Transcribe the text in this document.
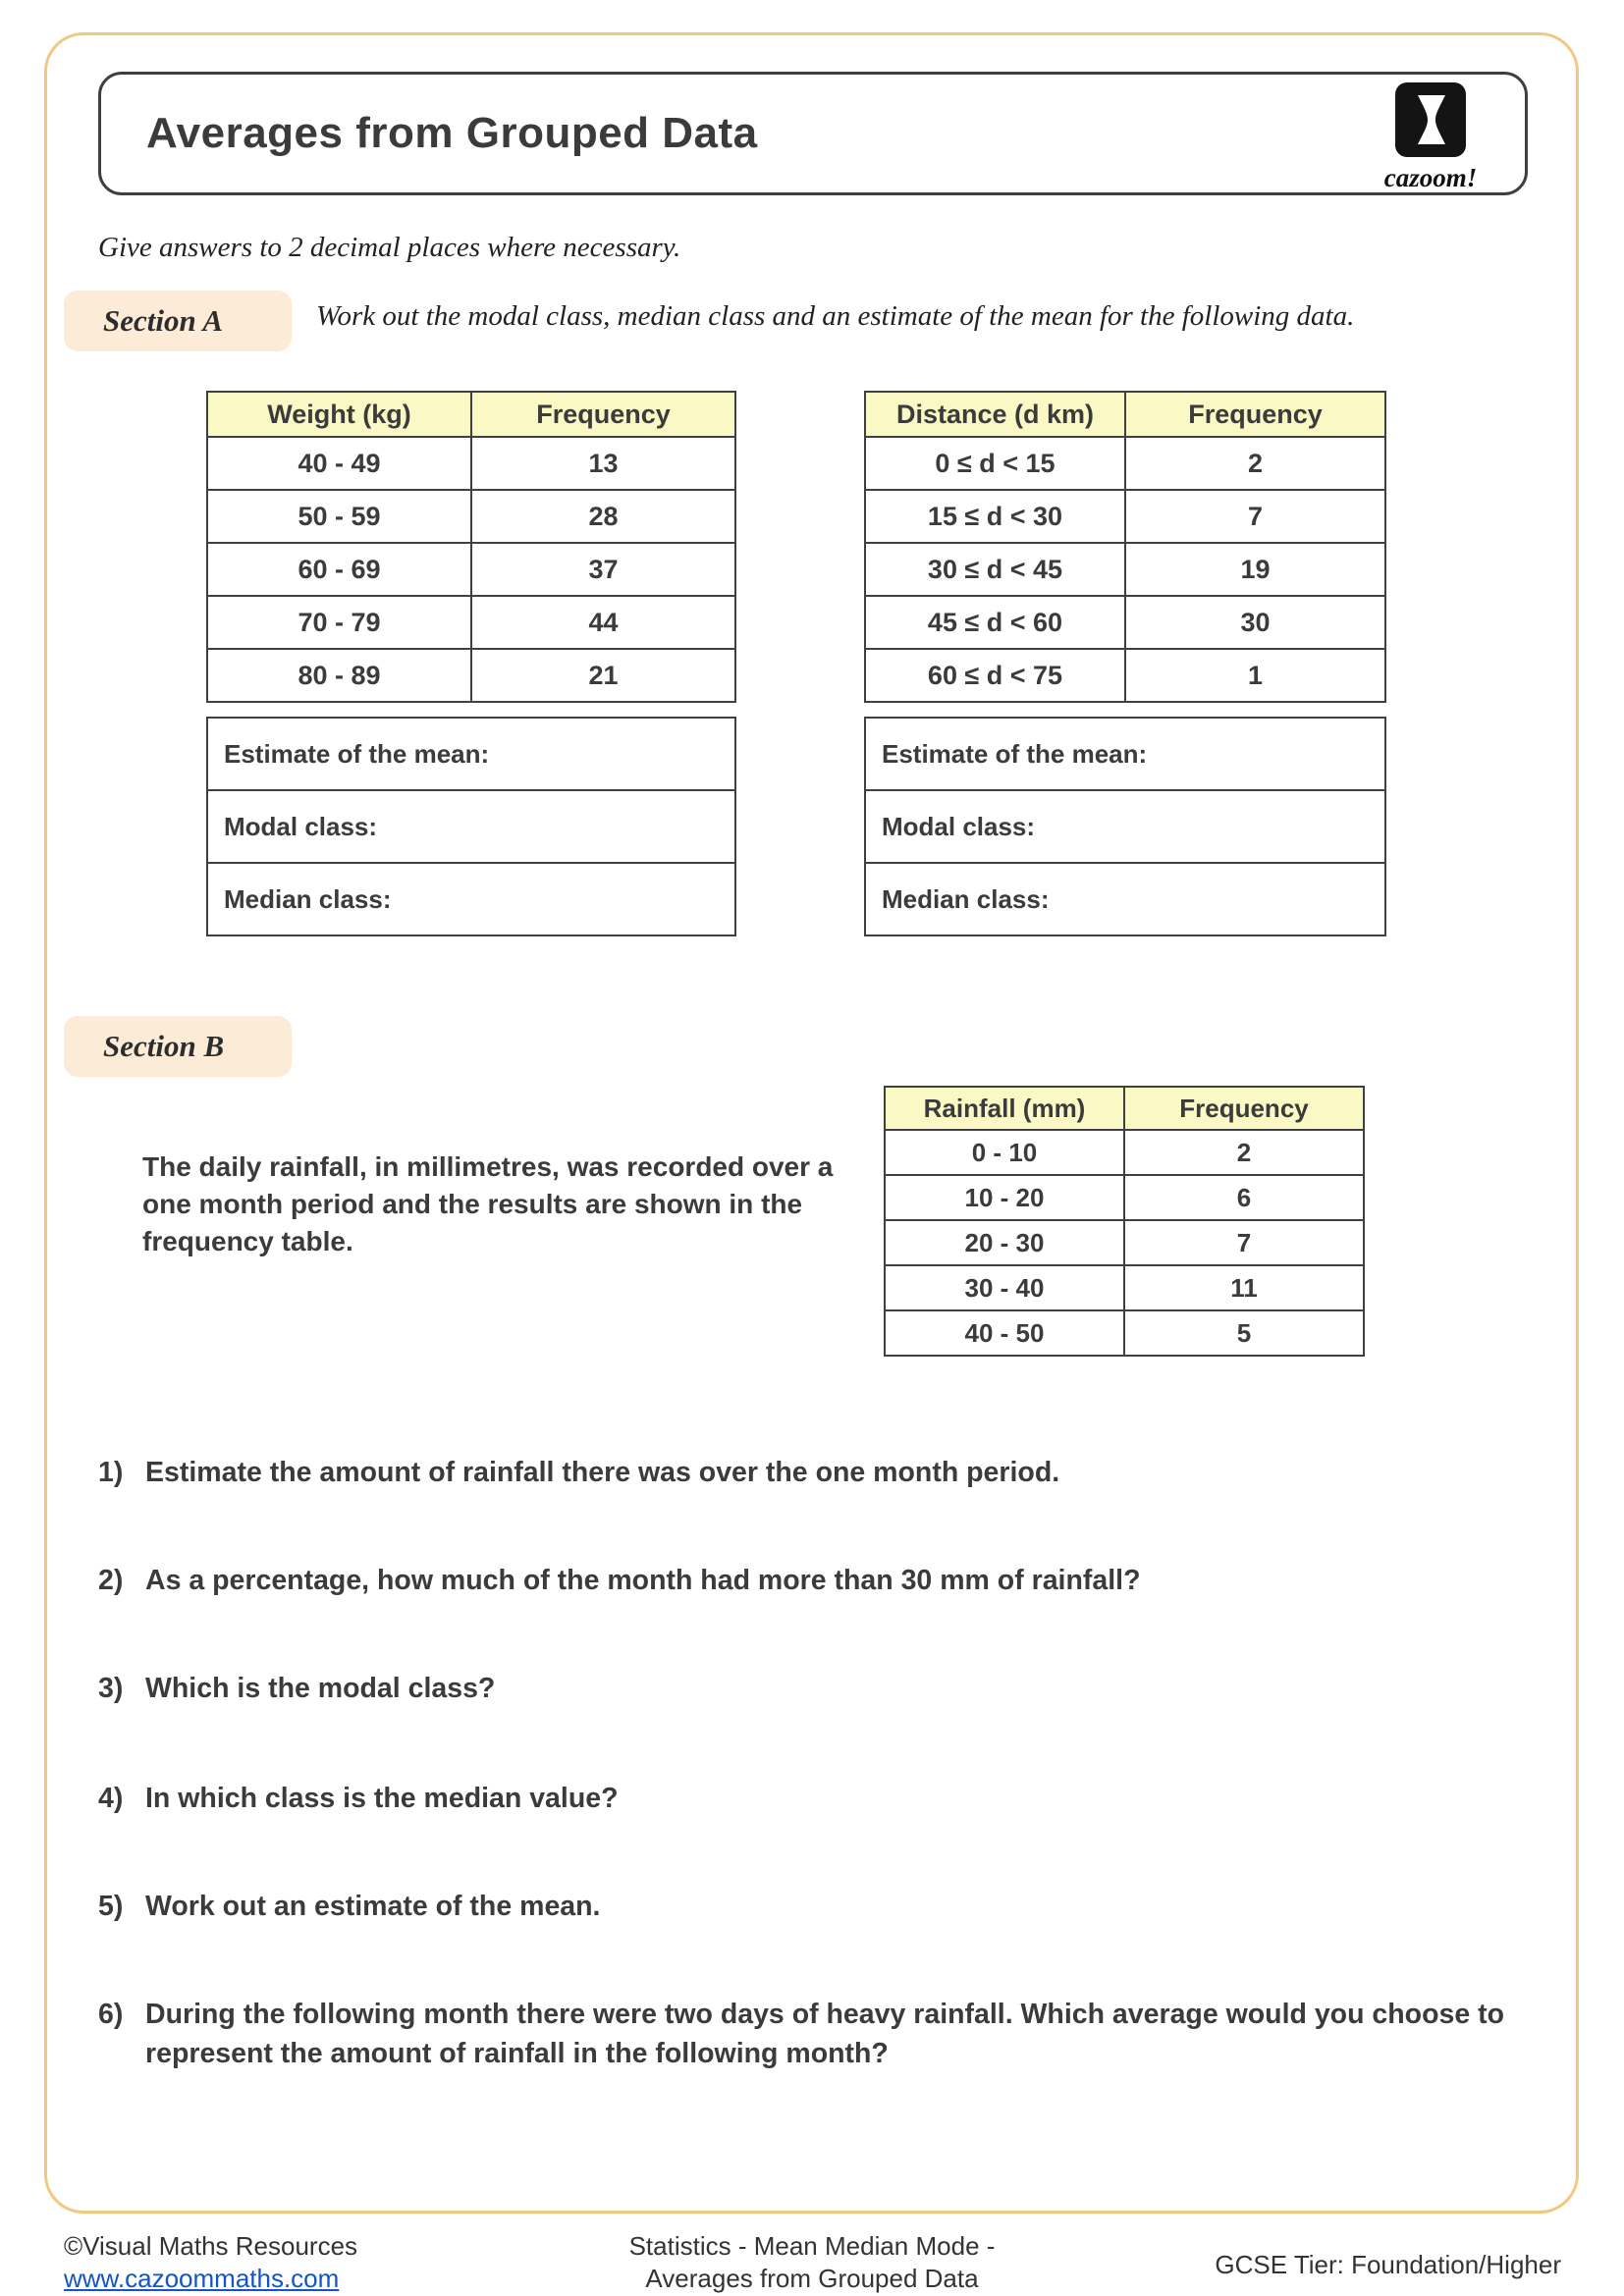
Averages from Grouped Data
cazoom!

Give answers to 2 decimal places where necessary.

Section A	Work out the modal class, median class and an estimate of the mean for the following data.

Weight (kg)	Frequency
40 - 49	13
50 - 59	28
60 - 69	37
70 - 79	44
80 - 89	21
Distance (d km)	Frequency
0 ≤ d < 15	2
15 ≤ d < 30	7
30 ≤ d < 45	19
45 ≤ d < 60	30
60 ≤ d < 75	1
Estimate of the mean:
Modal class:
Median class:
Estimate of the mean:
Modal class:
Median class:
Section B

The daily rainfall, in millimetres, was recorded over a one month period and the results are shown in the frequency table.

Rainfall (mm)	Frequency
0 - 10	2
10 - 20	6
20 - 30	7
30 - 40	11
40 - 50	5
1) Estimate the amount of rainfall there was over the one month period.
2) As a percentage, how much of the month had more than 30 mm of rainfall?
3) Which is the modal class?
4) In which class is the median value?
5) Work out an estimate of the mean.
6) During the following month there were two days of heavy rainfall. Which average would you choose to represent the amount of rainfall in the following month?
©Visual Maths Resources
www.cazoommaths.com
Statistics - Mean Median Mode -
Averages from Grouped Data	GCSE Tier: Foundation/Higher
